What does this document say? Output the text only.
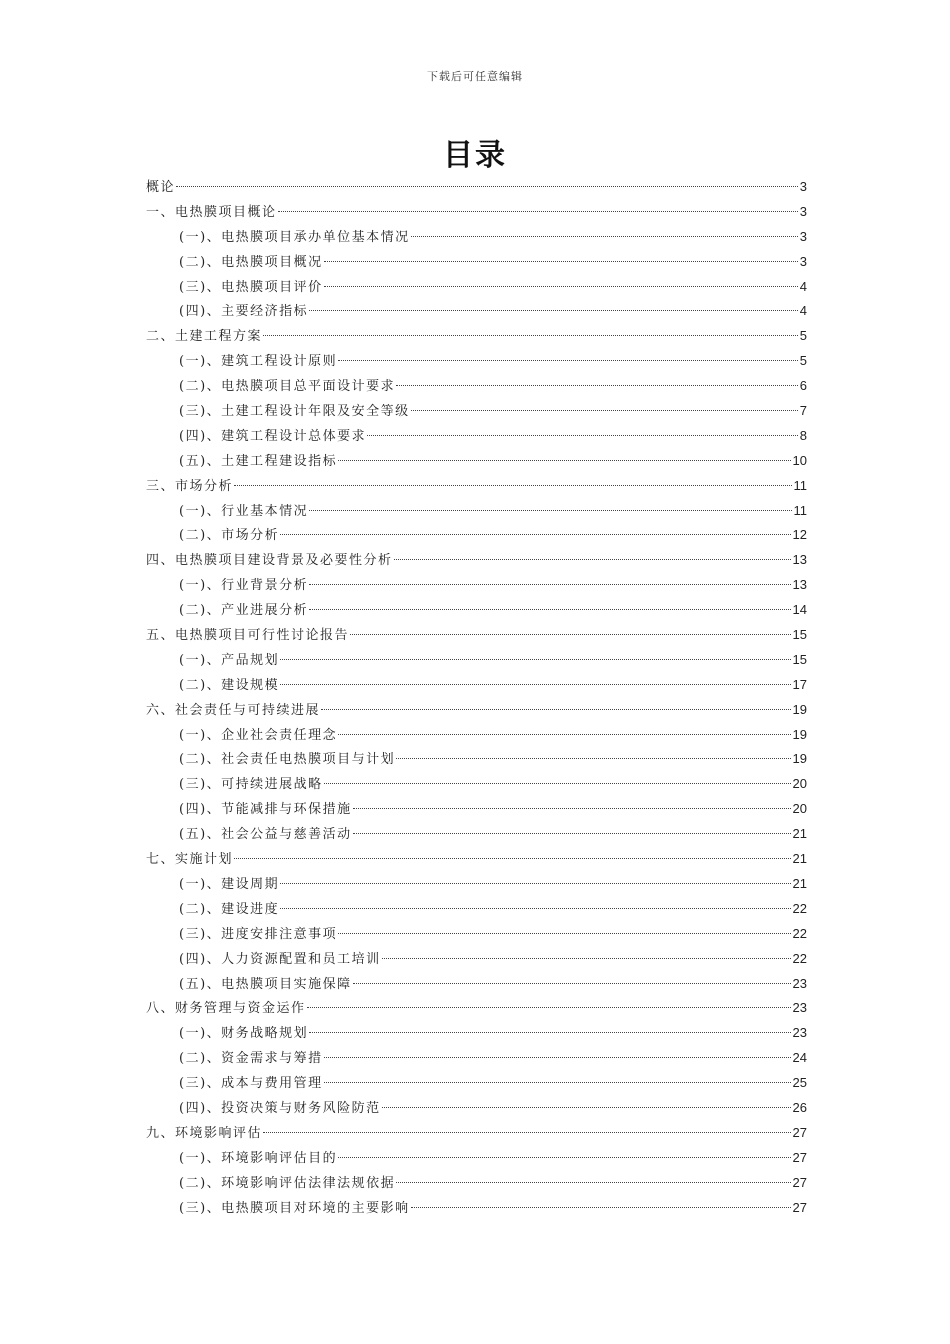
下载后可任意编辑
目录
概论	3
一、电热膜项目概论	3
(一)、电热膜项目承办单位基本情况	3
(二)、电热膜项目概况	3
(三)、电热膜项目评价	4
(四)、主要经济指标	4
二、土建工程方案	5
(一)、建筑工程设计原则	5
(二)、电热膜项目总平面设计要求	6
(三)、土建工程设计年限及安全等级	7
(四)、建筑工程设计总体要求	8
(五)、土建工程建设指标	10
三、市场分析	11
(一)、行业基本情况	11
(二)、市场分析	12
四、电热膜项目建设背景及必要性分析	13
(一)、行业背景分析	13
(二)、产业进展分析	14
五、电热膜项目可行性讨论报告	15
(一)、产品规划	15
(二)、建设规模	17
六、社会责任与可持续进展	19
(一)、企业社会责任理念	19
(二)、社会责任电热膜项目与计划	19
(三)、可持续进展战略	20
(四)、节能减排与环保措施	20
(五)、社会公益与慈善活动	21
七、实施计划	21
(一)、建设周期	21
(二)、建设进度	22
(三)、进度安排注意事项	22
(四)、人力资源配置和员工培训	22
(五)、电热膜项目实施保障	23
八、财务管理与资金运作	23
(一)、财务战略规划	23
(二)、资金需求与筹措	24
(三)、成本与费用管理	25
(四)、投资决策与财务风险防范	26
九、环境影响评估	27
(一)、环境影响评估目的	27
(二)、环境影响评估法律法规依据	27
(三)、电热膜项目对环境的主要影响	27
